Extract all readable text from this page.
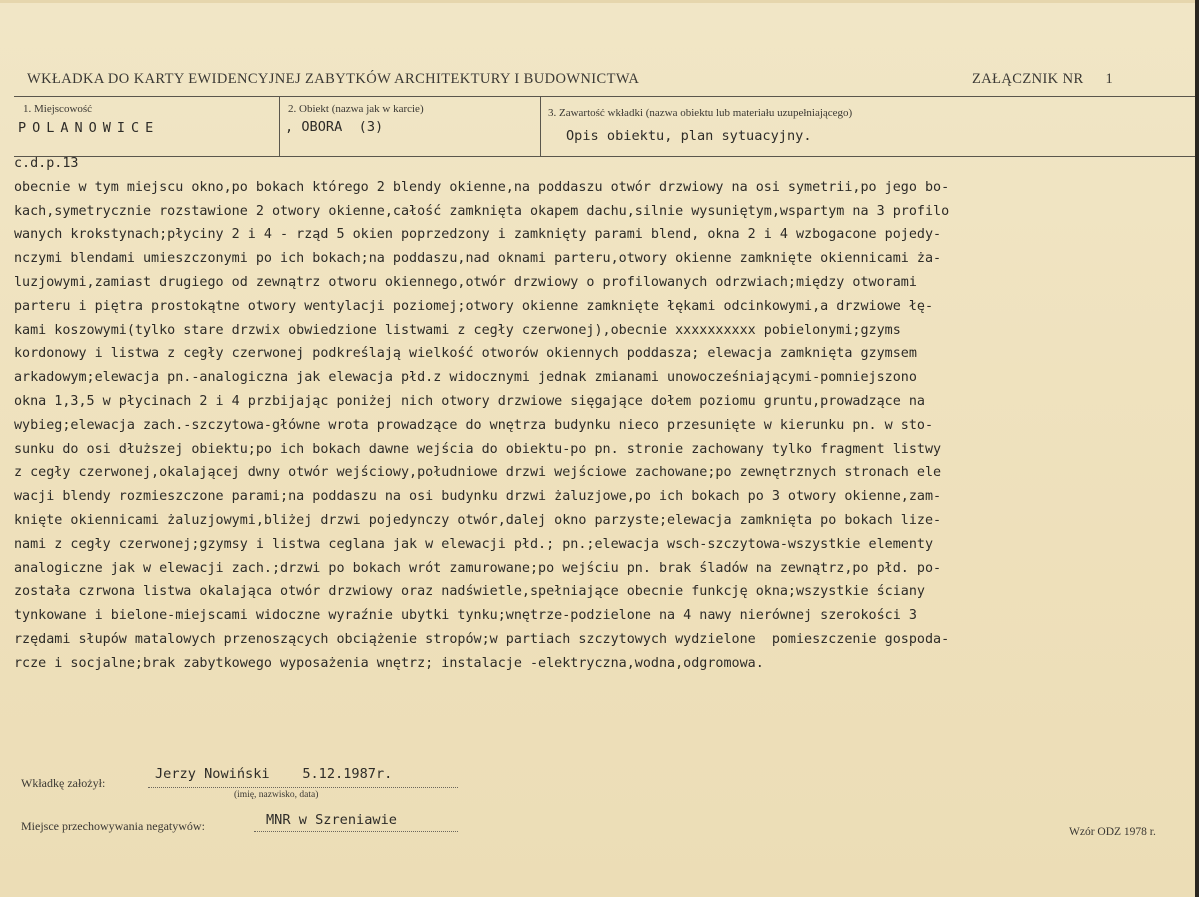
WKŁADKA DO KARTY EWIDENCYJNEJ ZABYTKÓW ARCHITEKTURY I BUDOWNICTWA	ZAŁĄCZNIK NR 1
1. Miejscowość
POLANOWICE
2. Obiekt (nazwa jak w karcie)
, OBORA  (3)
3. Zawartość wkładki (nazwa obiektu lub materiału uzupełniającego)
Opis obiektu, plan sytuacyjny.
c.d.p.13
obecnie w tym miejscu okno,po bokach którego 2 blendy okienne,na poddaszu otwór drzwiowy na osi symetrii,po jego bo-
kach,symetrycznie rozstawione 2 otwory okienne,całość zamknięta okapem dachu,silnie wysuniętym,wspartym na 3 profilo
wanych krokstynach;płyciny 2 i 4 - rząd 5 okien poprzedzony i zamknięty parami blend, okna 2 i 4 wzbogacone pojedy-
nczymi blendami umieszczonymi po ich bokach;na poddaszu,nad oknami parteru,otwory okienne zamknięte okiennicami ża-
luzjowymi,zamiast drugiego od zewnątrz otworu okiennego,otwór drzwiowy o profilowanych odrzwiach;między otworami
parteru i piętra prostokątne otwory wentylacji poziomej;otwory okienne zamknięte łękami odcinkowymi,a drzwiowe łę-
kami koszowymi(tylko stare drzwix obwiedzione listwami z cegły czerwonej),obecnie xxxxxxxxxx pobielonymi;gzyms
kordonowy i listwa z cegły czerwonej podkreślają wielkość otworów okiennych poddasza; elewacja zamknięta gzymsem
arkadowym;elewacja pn.-analogiczna jak elewacja płd.z widocznymi jednak zmianami unowocześniającymi-pomniejszono
okna 1,3,5 w płycinach 2 i 4 przbijając poniżej nich otwory drzwiowe sięgające dołem poziomu gruntu,prowadzące na
wybieg;elewacja zach.-szczytowa-główne wrota prowadzące do wnętrza budynku nieco przesunięte w kierunku pn. w sto-
sunku do osi dłuższej obiektu;po ich bokach dawne wejścia do obiektu-po pn. stronie zachowany tylko fragment listwy
z cegły czerwonej,okalającej dwny otwór wejściowy,południowe drzwi wejściowe zachowane;po zewnętrznych stronach ele
wacji blendy rozmieszczone parami;na poddaszu na osi budynku drzwi żaluzjowe,po ich bokach po 3 otwory okienne,zam-
knięte okiennicami żaluzjowymi,bliżej drzwi pojedynczy otwór,dalej okno parzyste;elewacja zamknięta po bokach lize-
nami z cegły czerwonej;gzymsy i listwa ceglana jak w elewacji płd.; pn.;elewacja wsch-szczytowa-wszystkie elementy
analogiczne jak w elewacji zach.;drzwi po bokach wrót zamurowane;po wejściu pn. brak śladów na zewnątrz,po płd. po-
została czrwona listwa okalająca otwór drzwiowy oraz nadświetle,spełniające obecnie funkcję okna;wszystkie ściany
tynkowane i bielone-miejscami widoczne wyraźnie ubytki tynku;wnętrze-podzielone na 4 nawy nierównej szerokości 3
rzędami słupów matalowych przenoszących obciążenie stropów;w partiach szczytowych wydzielone  pomieszczenie gospoda-
rcze i socjalne;brak zabytkowego wyposażenia wnętrz; instalacje -elektryczna,wodna,odgromowa.
Wkładkę założył:
Jerzy Nowiński    5.12.1987r.
(imię, nazwisko, data)
Miejsce przechowywania negatywów:	MNR w Szreniawie
Wzór ODZ 1978 r.
